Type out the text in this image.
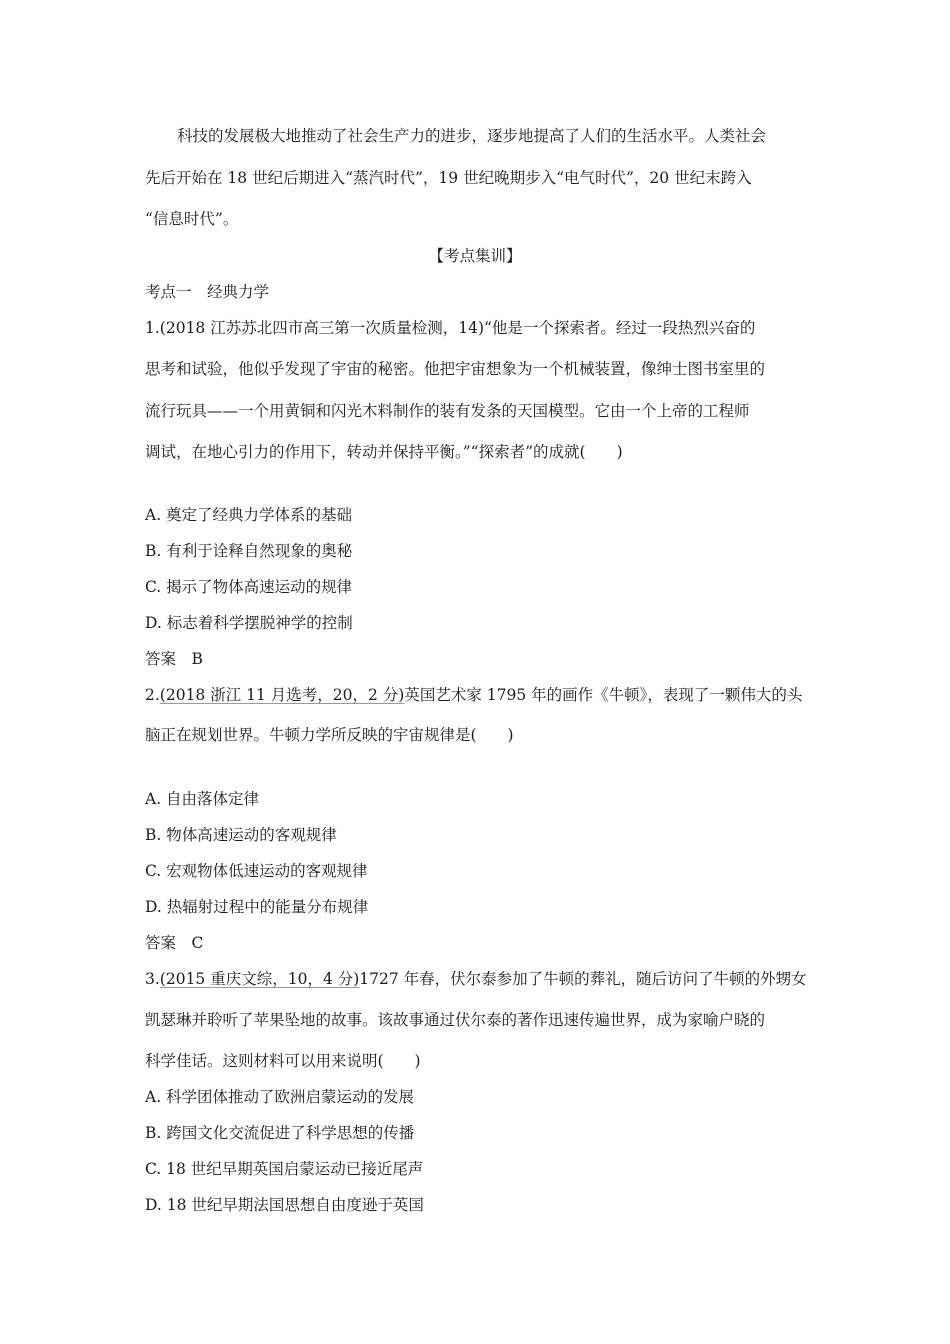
科技的发展极大地推动了社会生产力的进步，逐步地提高了人们的生活水平。人类社会
先后开始在 18 世纪后期进入“蒸汽时代”，19 世纪晚期步入“电气时代”，20 世纪末跨入
“信息时代”。
【考点集训】
考点一　经典力学
1.(2018 江苏苏北四市高三第一次质量检测，14)“他是一个探索者。经过一段热烈兴奋的
思考和试验，他似乎发现了宇宙的秘密。他把宇宙想象为一个机械装置，像绅士图书室里的
流行玩具——一个用黄铜和闪光木料制作的装有发条的天国模型。它由一个上帝的工程师
调试，在地心引力的作用下，转动并保持平衡。”“探索者”的成就(　　)
A. 奠定了经典力学体系的基础
B. 有利于诠释自然现象的奥秘
C. 揭示了物体高速运动的规律
D. 标志着科学摆脱神学的控制
答案　B
2.(2018 浙江 11 月选考，20，2 分)英国艺术家 1795 年的画作《牛顿》，表现了一颗伟大的头
脑正在规划世界。牛顿力学所反映的宇宙规律是(　　)
A. 自由落体定律
B. 物体高速运动的客观规律
C. 宏观物体低速运动的客观规律
D. 热辐射过程中的能量分布规律
答案　C
3.(2015 重庆文综，10，4 分)1727 年春，伏尔泰参加了牛顿的葬礼，随后访问了牛顿的外甥女
凯瑟琳并聆听了苹果坠地的故事。该故事通过伏尔泰的著作迅速传遍世界，成为家喻户晓的
科学佳话。这则材料可以用来说明(　　)
A. 科学团体推动了欧洲启蒙运动的发展
B. 跨国文化交流促进了科学思想的传播
C. 18 世纪早期英国启蒙运动已接近尾声
D. 18 世纪早期法国思想自由度逊于英国
